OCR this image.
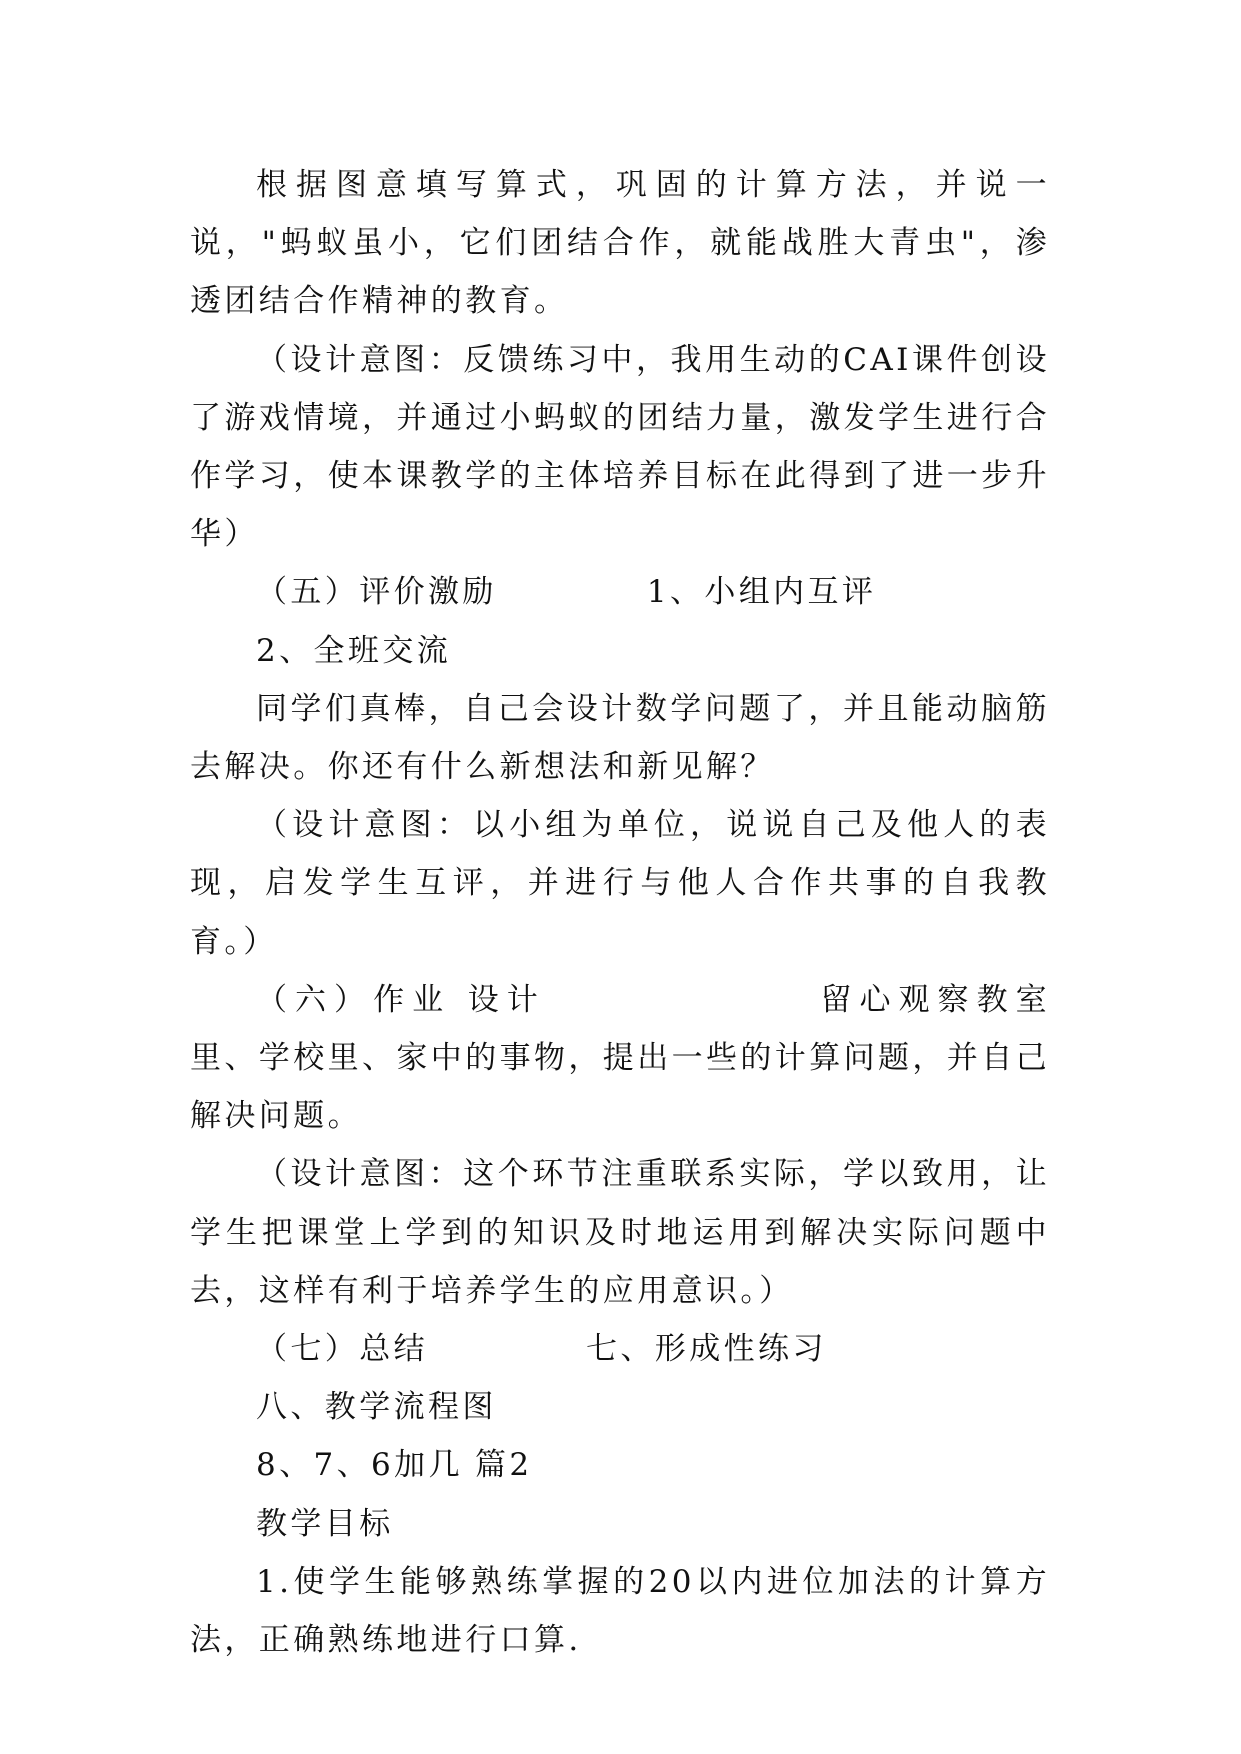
根据图意填写算式，巩固的计算方法，并说一说，"蚂蚁虽小，它们团结合作，就能战胜大青虫"，渗透团结合作精神的教育。

（设计意图：反馈练习中，我用生动的CAI课件创设了游戏情境，并通过小蚂蚁的团结力量，激发学生进行合作学习，使本课教学的主体培养目标在此得到了进一步升华）

（五）评价激励	1、小组内互评

2、全班交流

同学们真棒，自己会设计数学问题了，并且能动脑筋去解决。你还有什么新想法和新见解？

（设计意图：以小组为单位，说说自己及他人的表现，启发学生互评，并进行与他人合作共事的自我教育。）

（六）作业 设计	留心观察教室里、学校里、家中的事物，提出一些的计算问题，并自己解决问题。

（设计意图：这个环节注重联系实际，学以致用，让学生把课堂上学到的知识及时地运用到解决实际问题中去，这样有利于培养学生的应用意识。）

（七）总结	七、形成性练习

八、教学流程图

8、7、6加几 篇2

教学目标

1.使学生能够熟练掌握的20以内进位加法的计算方法，正确熟练地进行口算.
